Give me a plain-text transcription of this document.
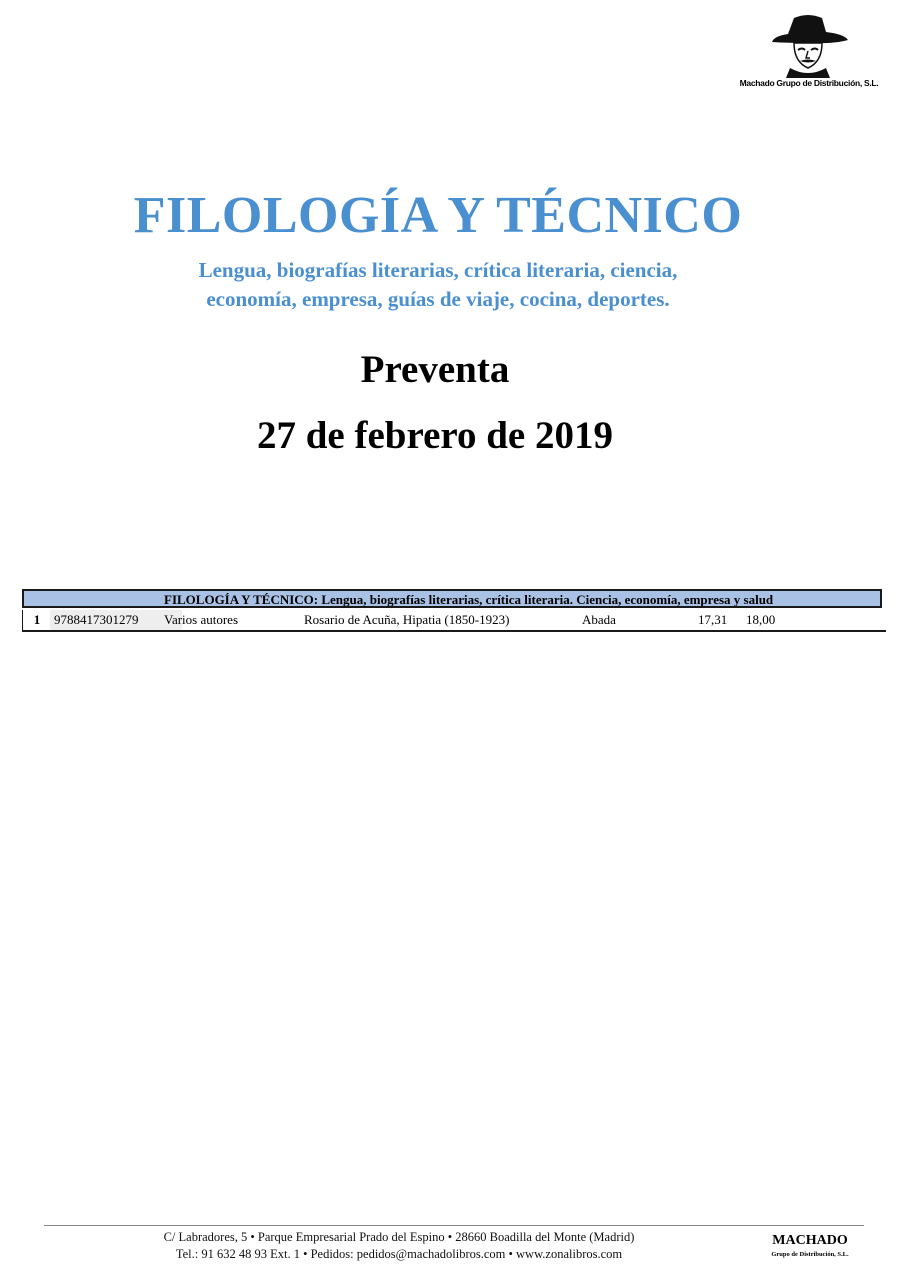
Machado Grupo de Distribución, S.L.
FILOLOGÍA Y TÉCNICO
Lengua, biografías literarias, crítica literaria, ciencia,
economía, empresa, guías de viaje, cocina, deportes.
Preventa
27 de febrero de 2019
FILOLOGÍA Y TÉCNICO: Lengua, biografías literarias, crítica literaria. Ciencia, economía, empresa y salud
1	9788417301279 Varios autores	Rosario de Acuña, Hipatia (1850-1923)	Abada	17,31 18,00
C/ Labradores, 5 • Parque Empresarial Prado del Espino • 28660 Boadilla del Monte (Madrid)
Tel.: 91 632 48 93 Ext. 1 • Pedidos: pedidos@machadolibros.com • www.zonalibros.com
MACHADO
Grupo de Distribución, S.L.
